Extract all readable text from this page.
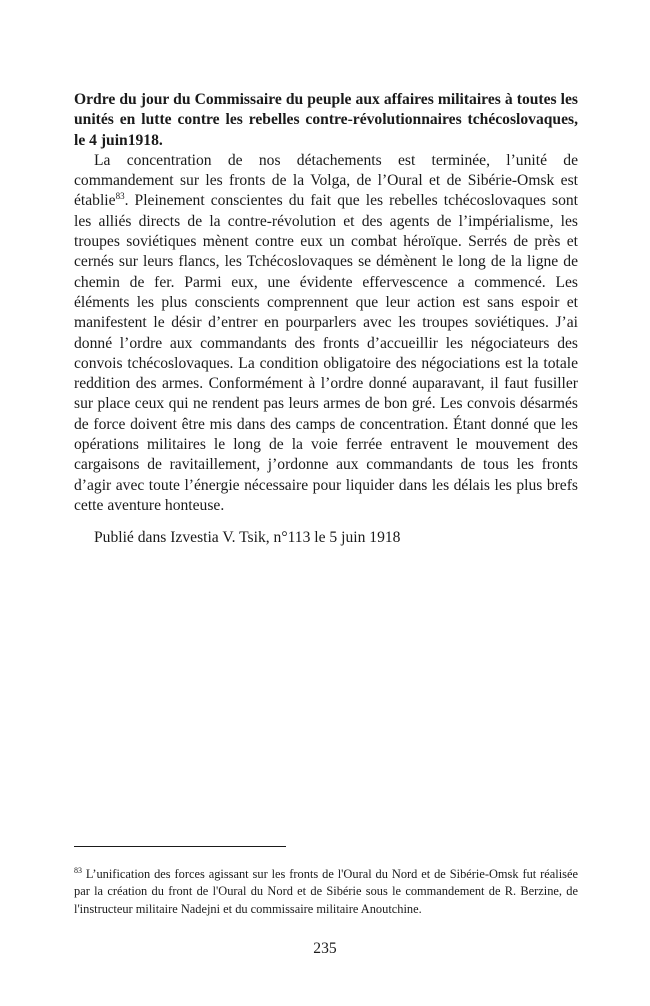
Ordre du jour du Commissaire du peuple aux affaires militaires à toutes les unités en lutte contre les rebelles contre-révolutionnaires tchécoslovaques, le 4 juin1918.

La concentration de nos détachements est terminée, l’unité de commandement sur les fronts de la Volga, de l’Oural et de Sibérie-Omsk est établie$^{83}$. Pleinement conscientes du fait que les rebelles tchécoslovaques sont les alliés directs de la contre-révolution et des agents de l’impérialisme, les troupes soviétiques mènent contre eux un combat héroïque. Serrés de près et cernés sur leurs flancs, les Tchécoslovaques se démènent le long de la ligne de chemin de fer. Parmi eux, une évidente effervescence a commencé. Les éléments les plus conscients comprennent que leur action est sans espoir et manifestent le désir d’entrer en pourparlers avec les troupes soviétiques. J’ai donné l’ordre aux commandants des fronts d’accueillir les négociateurs des convois tchécoslovaques. La condition obligatoire des négociations est la totale reddition des armes. Conformément à l’ordre donné auparavant, il faut fusiller sur place ceux qui ne rendent pas leurs armes de bon gré. Les convois désarmés de force doivent être mis dans des camps de concentration. Étant donné que les opérations militaires le long de la voie ferrée entravent le mouvement des cargaisons de ravitaillement, j’ordonne aux commandants de tous les fronts d’agir avec toute l’énergie nécessaire pour liquider dans les délais les plus brefs cette aventure honteuse.

Publié dans Izvestia V. Tsik, n°113 le 5 juin 1918

$^{83}$ L’unification des forces agissant sur les fronts de l'Oural du Nord et de Sibérie-Omsk fut réalisée par la création du front de l'Oural du Nord et de Sibérie sous le commandement de R. Berzine, de l'instructeur militaire Nadejni et du commissaire militaire Anoutchine.

235
